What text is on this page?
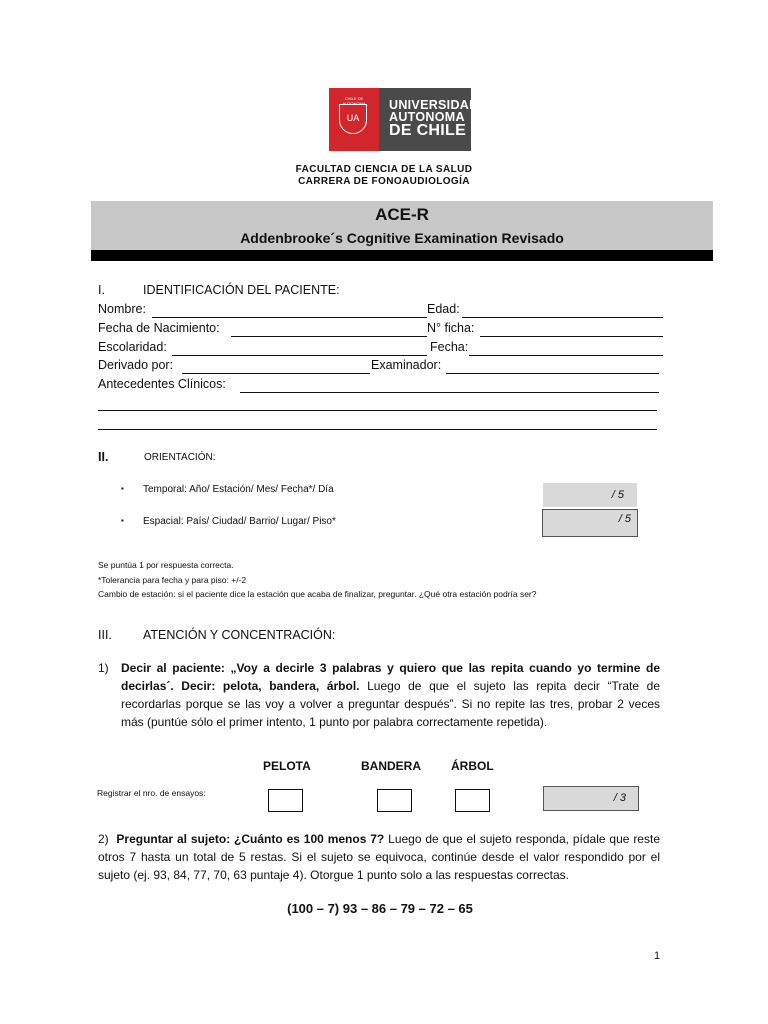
CHILE DE AUTONOMA
UA
UNIVERSIDAD
AUTONOMA
DE CHILE
FACULTAD CIENCIA DE LA SALUD
CARRERA DE FONOAUDIOLOGÍA
ACE-R
Addenbrooke´s Cognitive Examination Revisado
I.	IDENTIFICACIÓN DEL PACIENTE:
Nombre:	Edad:
Fecha de Nacimiento:	N° ficha:
Escolaridad:	Fecha:
Derivado por:	Examinador:
Antecedentes Clínicos:
II.	ORIENTACIÓN:
▪ Temporal: Año/ Estación/ Mes/ Fecha*/ Día	/ 5
▪ Espacial: País/ Ciudad/ Barrio/ Lugar/ Piso*	/ 5
Se puntúa 1 por respuesta correcta.
*Tolerancia para fecha y para piso: +/-2
Cambio de estación: si el paciente dice la estación que acaba de finalizar, preguntar. ¿Qué otra estación podría ser?
III. ATENCIÓN Y CONCENTRACIÓN:
1) Decir al paciente: „Voy a decirle 3 palabras y quiero que las repita cuando yo termine de decirlas´. Decir: pelota, bandera, árbol. Luego de que el sujeto las repita decir “Trate de recordarlas porque se las voy a volver a preguntar después”. Si no repite las tres, probar 2 veces más (puntúe sólo el primer intento, 1 punto por palabra correctamente repetida).
PELOTA	BANDERA	ÁRBOL
Registrar el nro. de ensayos:	/ 3
2) Preguntar al sujeto: ¿Cuánto es 100 menos 7? Luego de que el sujeto responda, pídale que reste otros 7 hasta un total de 5 restas. Si el sujeto se equivoca, continúe desde el valor respondido por el sujeto (ej. 93, 84, 77, 70, 63 puntaje 4). Otorgue 1 punto solo a las respuestas correctas.
(100 – 7) 93 – 86 – 79 – 72 – 65
1
